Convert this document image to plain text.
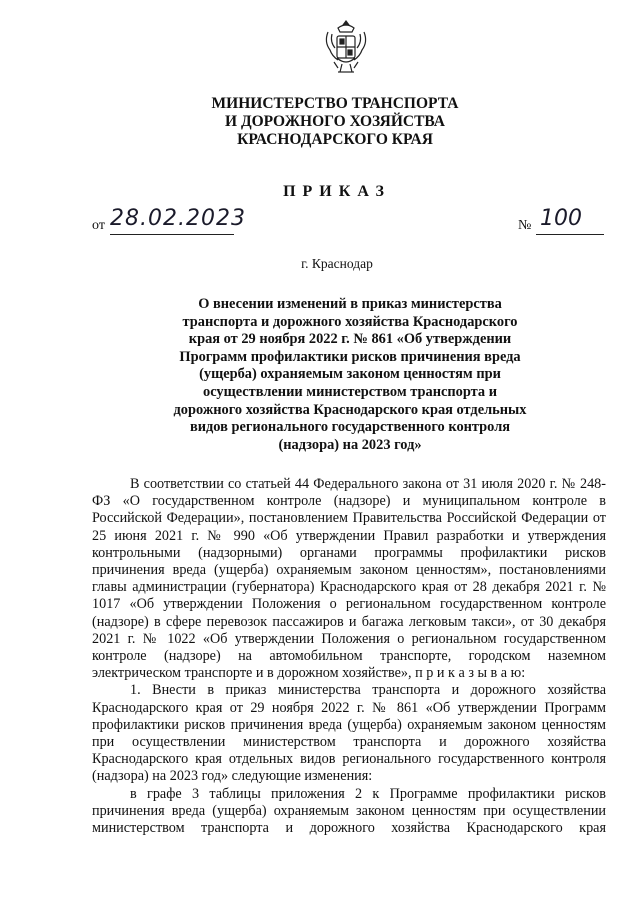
МИНИСТЕРСТВО ТРАНСПОРТА
И ДОРОЖНОГО ХОЗЯЙСТВА
КРАСНОДАРСКОГО КРАЯ
ПРИКАЗ
от 28.02.2023	№ 100
г. Краснодар
О внесении изменений в приказ министерства
транспорта и дорожного хозяйства Краснодарского
края от 29 ноября 2022 г. № 861 «Об утверждении
Программ профилактики рисков причинения вреда
(ущерба) охраняемым законом ценностям при
осуществлении министерством транспорта и
дорожного хозяйства Краснодарского края отдельных
видов регионального государственного контроля
(надзора) на 2023 год»

В соответствии со статьей 44 Федерального закона от 31 июля 2020 г. № 248-ФЗ «О государственном контроле (надзоре) и муниципальном контроле в Российской Федерации», постановлением Правительства Российской Федерации от 25 июня 2021 г. № 990 «Об утверждении Правил разработки и утверждения контрольными (надзорными) органами программы профилактики рисков причинения вреда (ущерба) охраняемым законом ценностям», постановлениями главы администрации (губернатора) Краснодарского края от 28 декабря 2021 г. № 1017 «Об утверждении Положения о региональном государственном контроле (надзоре) в сфере перевозок пассажиров и багажа легковым такси», от 30 декабря 2021 г. № 1022 «Об утверждении Положения о региональном государственном контроле (надзоре) на автомобильном транспорте, городском наземном электрическом транспорте и в дорожном хозяйстве», п р и к а з ы в а ю:

1. Внести в приказ министерства транспорта и дорожного хозяйства Краснодарского края от 29 ноября 2022 г. № 861 «Об утверждении Программ профилактики рисков причинения вреда (ущерба) охраняемым законом ценностям при осуществлении министерством транспорта и дорожного хозяйства Краснодарского края отдельных видов регионального государственного контроля (надзора) на 2023 год» следующие изменения:

в графе 3 таблицы приложения 2 к Программе профилактики рисков причинения вреда (ущерба) охраняемым законом ценностям при осуществлении министерством транспорта и дорожного хозяйства Краснодарского края
